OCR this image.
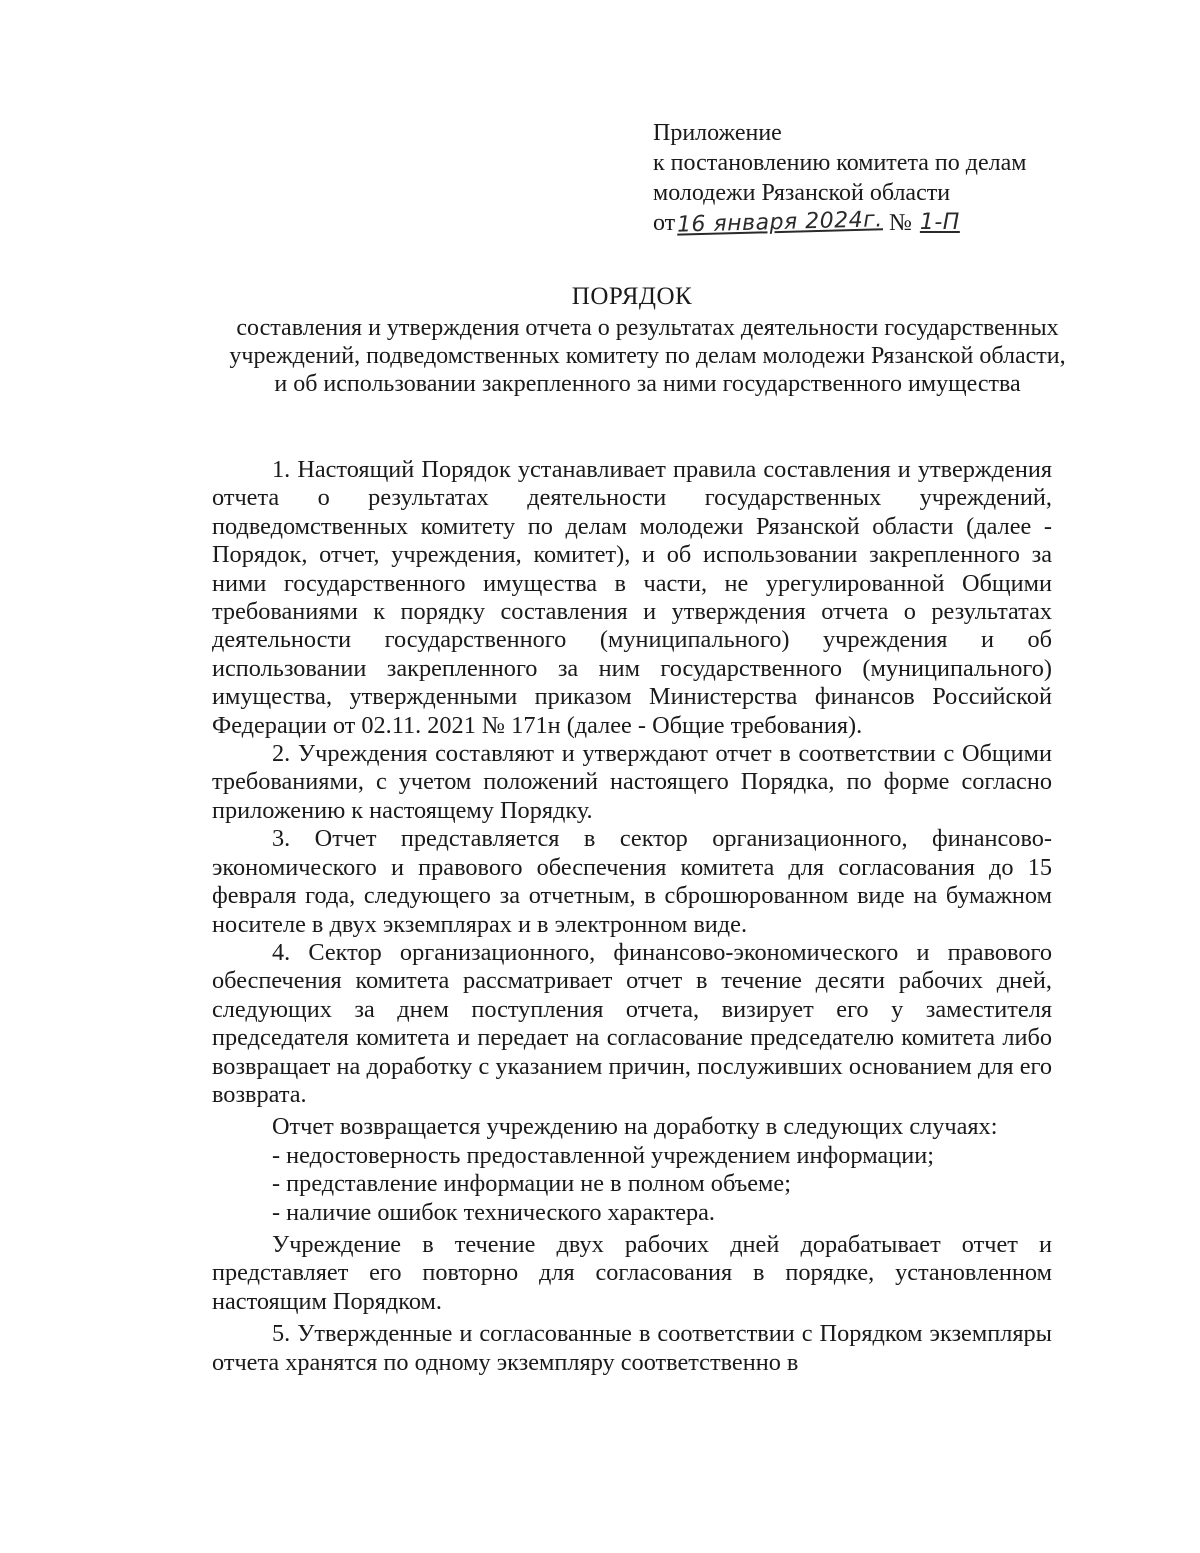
Приложение
к постановлению комитета по делам
молодежи Рязанской области
от 16 января 2024г. № 1-П
ПОРЯДОК
составления и утверждения отчета о результатах деятельности государственных учреждений, подведомственных комитету по делам молодежи Рязанской области, и об использовании закрепленного за ними государственного имущества

1. Настоящий Порядок устанавливает правила составления и утверждения отчета о результатах деятельности государственных учреждений, подведомственных комитету по делам молодежи Рязанской области (далее - Порядок, отчет, учреждения, комитет), и об использовании закрепленного за ними государственного имущества в части, не урегулированной Общими требованиями к порядку составления и утверждения отчета о результатах деятельности государственного (муниципального) учреждения и об использовании закрепленного за ним государственного (муниципального) имущества, утвержденными приказом Министерства финансов Российской Федерации от 02.11. 2021 № 171н (далее - Общие требования).

2. Учреждения составляют и утверждают отчет в соответствии с Общими требованиями, с учетом положений настоящего Порядка, по форме согласно приложению к настоящему Порядку.

3. Отчет представляется в сектор организационного, финансово-экономического и правового обеспечения комитета для согласования до 15 февраля года, следующего за отчетным, в сброшюрованном виде на бумажном носителе в двух экземплярах и в электронном виде.

4. Сектор организационного, финансово-экономического и правового обеспечения комитета рассматривает отчет в течение десяти рабочих дней, следующих за днем поступления отчета, визирует его у заместителя председателя комитета и передает на согласование председателю комитета либо возвращает на доработку с указанием причин, послуживших основанием для его возврата.

Отчет возвращается учреждению на доработку в следующих случаях:

- недостоверность предоставленной учреждением информации;

- представление информации не в полном объеме;

- наличие ошибок технического характера.

Учреждение в течение двух рабочих дней дорабатывает отчет и представляет его повторно для согласования в порядке, установленном настоящим Порядком.

5. Утвержденные и согласованные в соответствии с Порядком экземпляры отчета хранятся по одному экземпляру соответственно в
